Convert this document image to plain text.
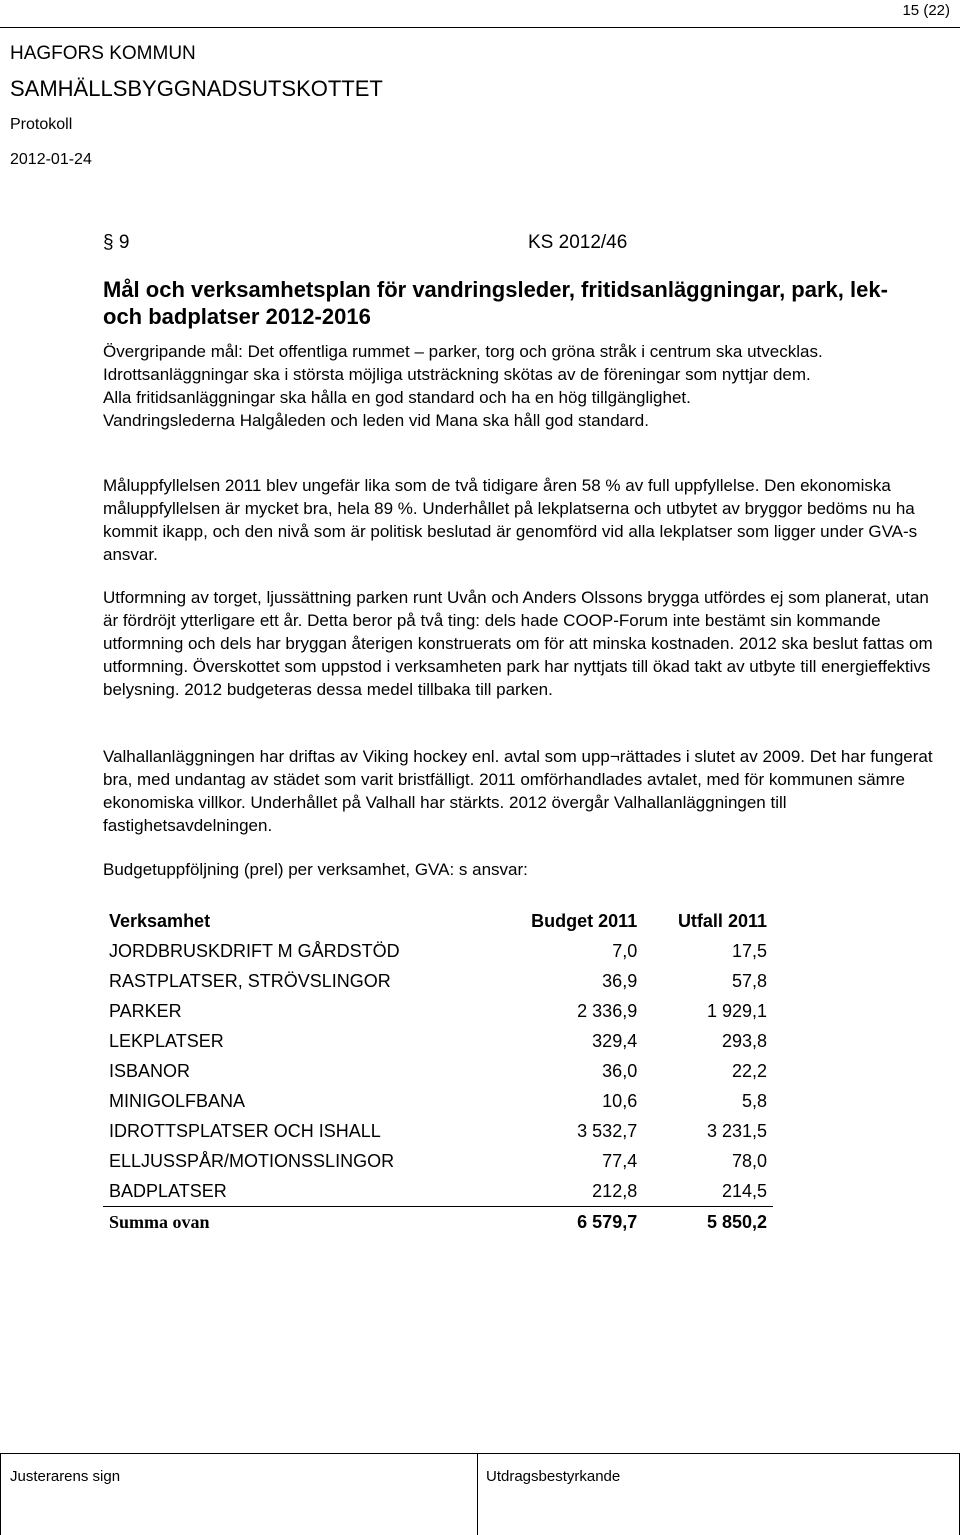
15 (22)
HAGFORS KOMMUN
SAMHÄLLSBYGGNADSUTSKOTTET
Protokoll
2012-01-24
§ 9	KS 2012/46
Mål och verksamhetsplan för vandringsleder, fritidsanläggningar, park, lek- och badplatser 2012-2016
Övergripande mål: Det offentliga rummet – parker, torg och gröna stråk i centrum ska utvecklas.
Idrottsanläggningar ska i största möjliga utsträckning skötas av de föreningar som nyttjar dem.
Alla fritidsanläggningar ska hålla en god standard och ha en hög tillgänglighet.
Vandringslederna Halgåleden och leden vid Mana ska håll god standard.

Måluppfyllelsen 2011 blev ungefär lika som de två tidigare åren 58 % av full uppfyllelse. Den ekonomiska måluppfyllelsen är mycket bra, hela 89 %. Underhållet på lekplatserna och utbytet av bryggor bedöms nu ha kommit ikapp, och den nivå som är politisk beslutad är genomförd vid alla lekplatser som ligger under GVA-s ansvar.

Utformning av torget, ljussättning parken runt Uvån och Anders Olssons brygga utfördes ej som planerat, utan är fördröjt ytterligare ett år. Detta beror på två ting: dels hade COOP-Forum inte bestämt sin kommande utformning och dels har bryggan återigen konstruerats om för att minska kostnaden. 2012 ska beslut fattas om utformning. Överskottet som uppstod i verksamheten park har nyttjats till ökad takt av utbyte till energieffektivs belysning. 2012 budgeteras dessa medel tillbaka till parken.

Valhallanläggningen har driftas av Viking hockey enl. avtal som upp¬rättades i slutet av 2009. Det har fungerat bra, med undantag av städet som varit bristfälligt. 2011 omförhandlades avtalet, med för kommunen sämre ekonomiska villkor. Underhållet på Valhall har stärkts. 2012 övergår Valhallanläggningen till fastighetsavdelningen.

Budgetuppföljning (prel) per verksamhet, GVA: s ansvar:

Verksamhet	Budget 2011	Utfall 2011
JORDBRUSKDRIFT M GÅRDSTÖD	7,0	17,5
RASTPLATSER, STRÖVSLINGOR	36,9	57,8
PARKER	2 336,9	1 929,1
LEKPLATSER	329,4	293,8
ISBANOR	36,0	22,2
MINIGOLFBANA	10,6	5,8
IDROTTSPLATSER OCH ISHALL	3 532,7	3 231,5
ELLJUSSPÅR/MOTIONSSLINGOR	77,4	78,0
BADPLATSER	212,8	214,5
Summa ovan	6 579,7	5 850,2
Justerarens sign	Utdragsbestyrkande
